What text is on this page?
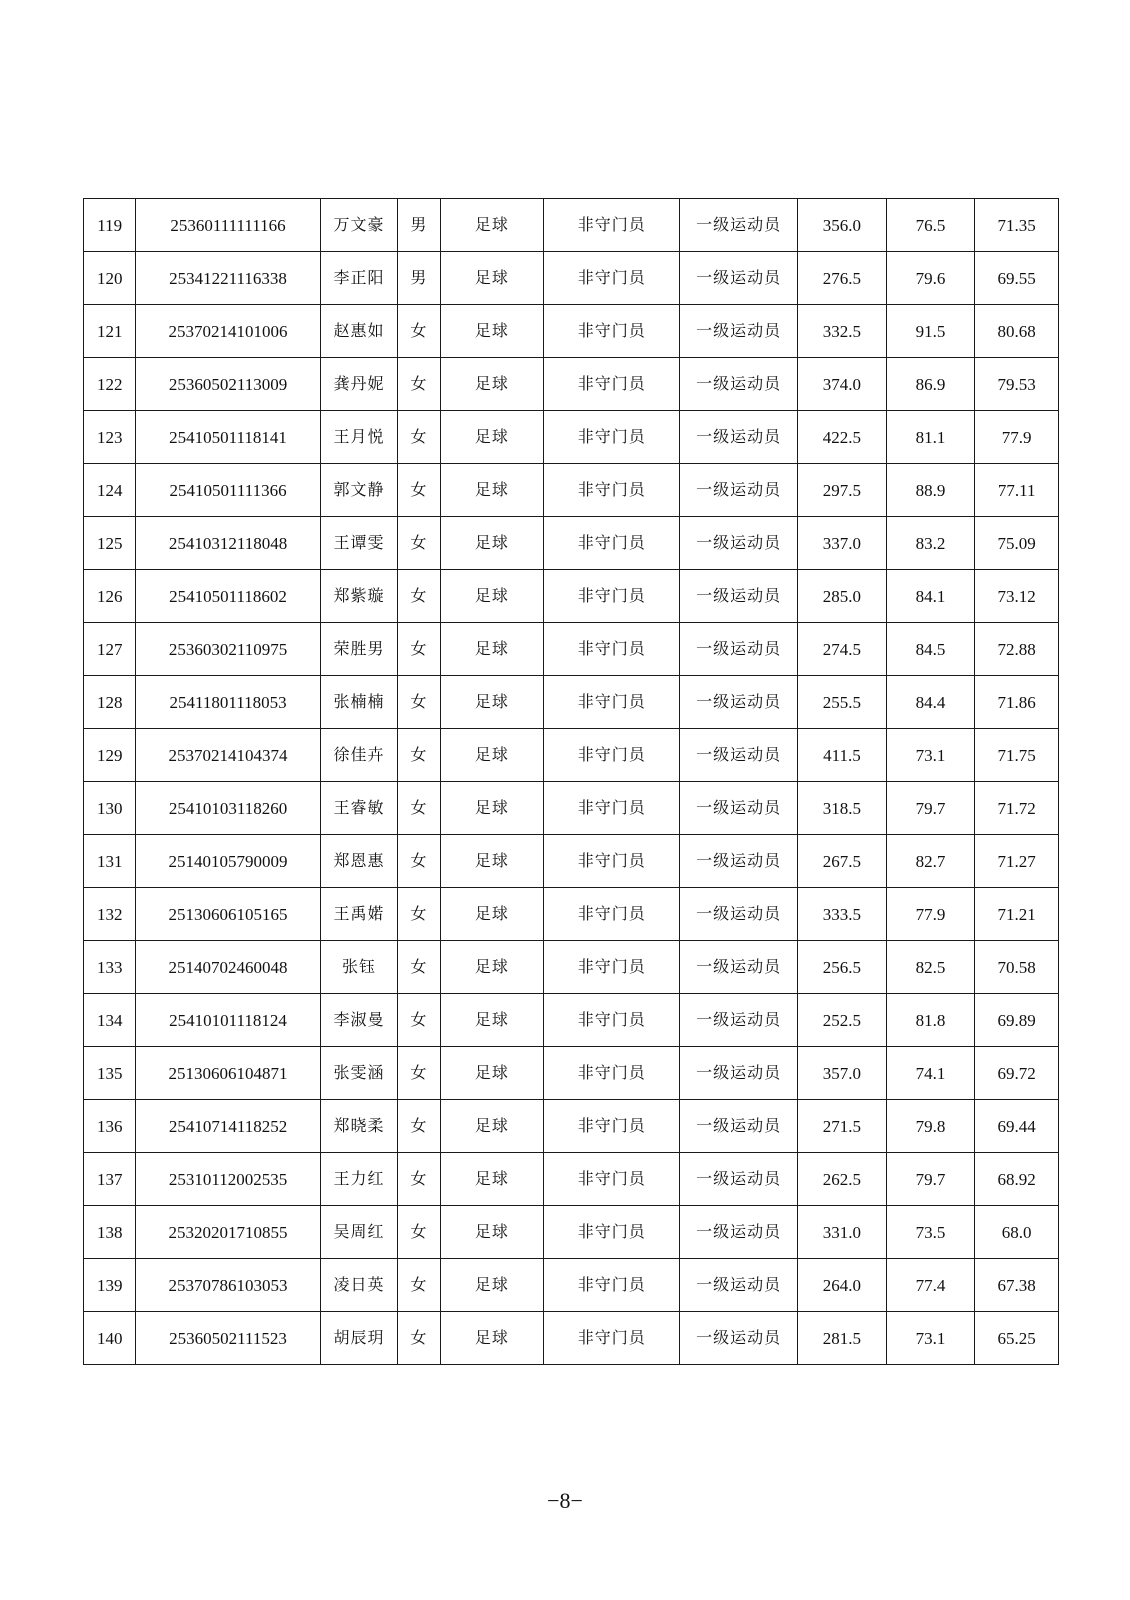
119	25360111111166	万文豪	男	足球	非守门员	一级运动员	356.0	76.5	71.35
120	25341221116338	李正阳	男	足球	非守门员	一级运动员	276.5	79.6	69.55
121	25370214101006	赵惠如	女	足球	非守门员	一级运动员	332.5	91.5	80.68
122	25360502113009	龚丹妮	女	足球	非守门员	一级运动员	374.0	86.9	79.53
123	25410501118141	王月悦	女	足球	非守门员	一级运动员	422.5	81.1	77.9
124	25410501111366	郭文静	女	足球	非守门员	一级运动员	297.5	88.9	77.11
125	25410312118048	王谭雯	女	足球	非守门员	一级运动员	337.0	83.2	75.09
126	25410501118602	郑紫璇	女	足球	非守门员	一级运动员	285.0	84.1	73.12
127	25360302110975	荣胜男	女	足球	非守门员	一级运动员	274.5	84.5	72.88
128	25411801118053	张楠楠	女	足球	非守门员	一级运动员	255.5	84.4	71.86
129	25370214104374	徐佳卉	女	足球	非守门员	一级运动员	411.5	73.1	71.75
130	25410103118260	王睿敏	女	足球	非守门员	一级运动员	318.5	79.7	71.72
131	25140105790009	郑恩惠	女	足球	非守门员	一级运动员	267.5	82.7	71.27
132	25130606105165	王禹婼	女	足球	非守门员	一级运动员	333.5	77.9	71.21
133	25140702460048	张钰	女	足球	非守门员	一级运动员	256.5	82.5	70.58
134	25410101118124	李淑曼	女	足球	非守门员	一级运动员	252.5	81.8	69.89
135	25130606104871	张雯涵	女	足球	非守门员	一级运动员	357.0	74.1	69.72
136	25410714118252	郑晓柔	女	足球	非守门员	一级运动员	271.5	79.8	69.44
137	25310112002535	王力红	女	足球	非守门员	一级运动员	262.5	79.7	68.92
138	25320201710855	吴周红	女	足球	非守门员	一级运动员	331.0	73.5	68.0
139	25370786103053	凌日英	女	足球	非守门员	一级运动员	264.0	77.4	67.38
140	25360502111523	胡辰玥	女	足球	非守门员	一级运动员	281.5	73.1	65.25
−8−
